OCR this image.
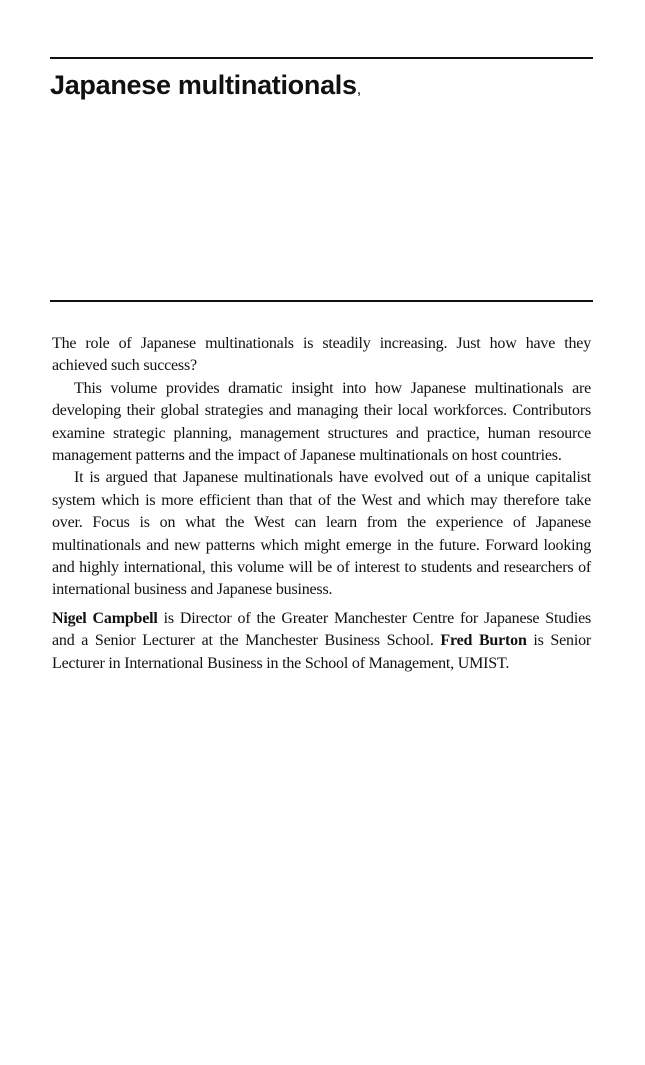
Japanese multinationals,

The role of Japanese multinationals is steadily increasing. Just how have they achieved such success?

This volume provides dramatic insight into how Japanese multinationals are developing their global strategies and managing their local workforces. Contributors examine strategic planning, management structures and practice, human resource management patterns and the impact of Japanese multinationals on host countries.

It is argued that Japanese multinationals have evolved out of a unique capitalist system which is more efficient than that of the West and which may therefore take over. Focus is on what the West can learn from the experience of Japanese multinationals and new patterns which might emerge in the future. Forward looking and highly international, this volume will be of interest to students and researchers of international business and Japanese business.

Nigel Campbell is Director of the Greater Manchester Centre for Japanese Studies and a Senior Lecturer at the Manchester Business School. Fred Burton is Senior Lecturer in International Business in the School of Management, UMIST.
